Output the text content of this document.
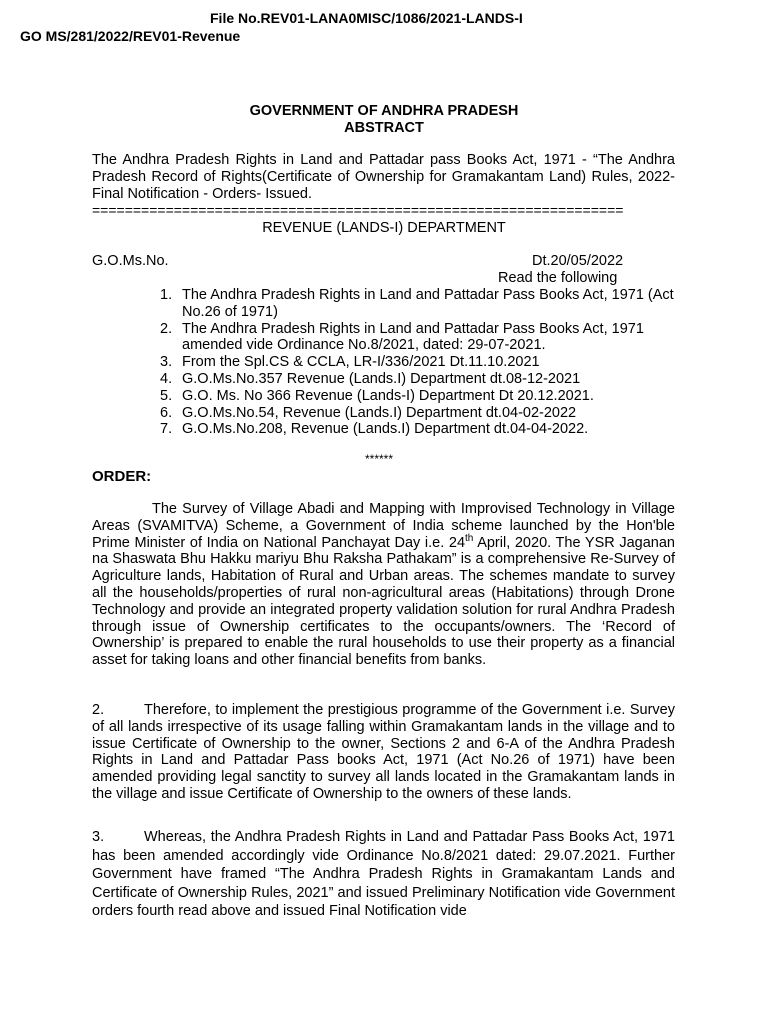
File No.REV01-LANA0MISC/1086/2021-LANDS-I
GO MS/281/2022/REV01-Revenue
GOVERNMENT OF ANDHRA PRADESH
ABSTRACT
The Andhra Pradesh Rights in Land and Pattadar pass Books Act, 1971 - “The Andhra Pradesh Record of Rights(Certificate of Ownership for Gramakantam Land) Rules, 2022- Final Notification - Orders- Issued.
=================================================================
REVENUE (LANDS-I) DEPARTMENT
G.O.Ms.No.	Dt.20/05/2022
Read the following
1. The Andhra Pradesh Rights in Land and Pattadar Pass Books Act, 1971 (Act No.26 of 1971)
2. The Andhra Pradesh Rights in Land and Pattadar Pass Books Act, 1971 amended vide Ordinance No.8/2021, dated: 29-07-2021.
3. From the Spl.CS & CCLA, LR-I/336/2021 Dt.11.10.2021
4. G.O.Ms.No.357 Revenue (Lands.I) Department dt.08-12-2021
5. G.O. Ms. No 366 Revenue (Lands-I) Department Dt 20.12.2021.
6. G.O.Ms.No.54, Revenue (Lands.I) Department dt.04-02-2022
7. G.O.Ms.No.208, Revenue (Lands.I) Department dt.04-04-2022.
******
ORDER:

The Survey of Village Abadi and Mapping with Improvised Technology in Village Areas (SVAMITVA) Scheme, a Government of India scheme launched by the Hon'ble Prime Minister of India on National Panchayat Day i.e. 24th April, 2020. The YSR Jaganan na Shaswata Bhu Hakku mariyu Bhu Raksha Pathakam” is a comprehensive Re-Survey of Agriculture lands, Habitation of Rural and Urban areas. The schemes mandate to survey all the households/properties of rural non-agricultural areas (Habitations) through Drone Technology and provide an integrated property validation solution for rural Andhra Pradesh through issue of Ownership certificates to the occupants/owners. The ‘Record of Ownership’ is prepared to enable the rural households to use their property as a financial asset for taking loans and other financial benefits from banks.

2.	Therefore, to implement the prestigious programme of the Government i.e. Survey of all lands irrespective of its usage falling within Gramakantam lands in the village and to issue Certificate of Ownership to the owner, Sections 2 and 6-A of the Andhra Pradesh Rights in Land and Pattadar Pass books Act, 1971 (Act No.26 of 1971) have been amended providing legal sanctity to survey all lands located in the Gramakantam lands in the village and issue Certificate of Ownership to the owners of these lands.

3.	Whereas, the Andhra Pradesh Rights in Land and Pattadar Pass Books Act, 1971 has been amended accordingly vide Ordinance No.8/2021 dated: 29.07.2021. Further Government have framed “The Andhra Pradesh Rights in Gramakantam Lands and Certificate of Ownership Rules, 2021” and issued Preliminary Notification vide Government orders fourth read above and issued Final Notification vide
